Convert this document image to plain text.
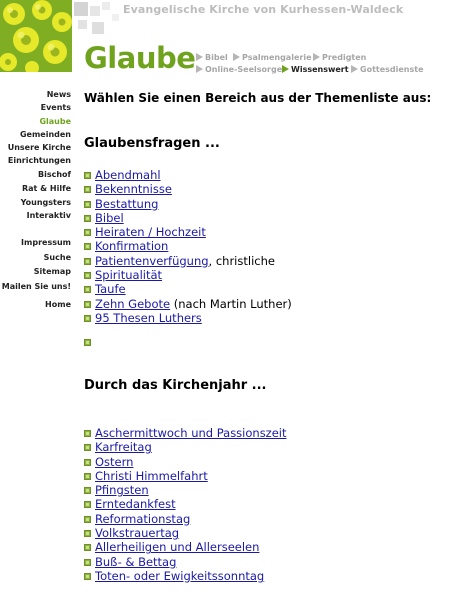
Evangelische Kirche von Kurhessen-Waldeck
Glaube	Bibel	Psalmengalerie	Predigten
Online-Seelsorge	Wissenswert	Gottesdienste
News
Events
Glaube
Gemeinden
Unsere Kirche
Einrichtungen
Bischof
Rat & Hilfe
Youngsters
Interaktiv
Impressum
Suche
Sitemap
Mailen Sie uns!
Home
Wählen Sie einen Bereich aus der Themenliste aus:
Glaubensfragen ...
Abendmahl
Bekenntnisse
Bestattung
Bibel
Heiraten / Hochzeit
Konfirmation
Patientenverfügung, christliche
Spiritualität
Taufe
Zehn Gebote (nach Martin Luther)
95 Thesen Luthers
Durch das Kirchenjahr ...
Aschermittwoch und Passionszeit
Karfreitag
Ostern
Christi Himmelfahrt
Pfingsten
Erntedankfest
Reformationstag
Volkstrauertag
Allerheiligen und Allerseelen
Buß- & Bettag
Toten- oder Ewigkeitssonntag
